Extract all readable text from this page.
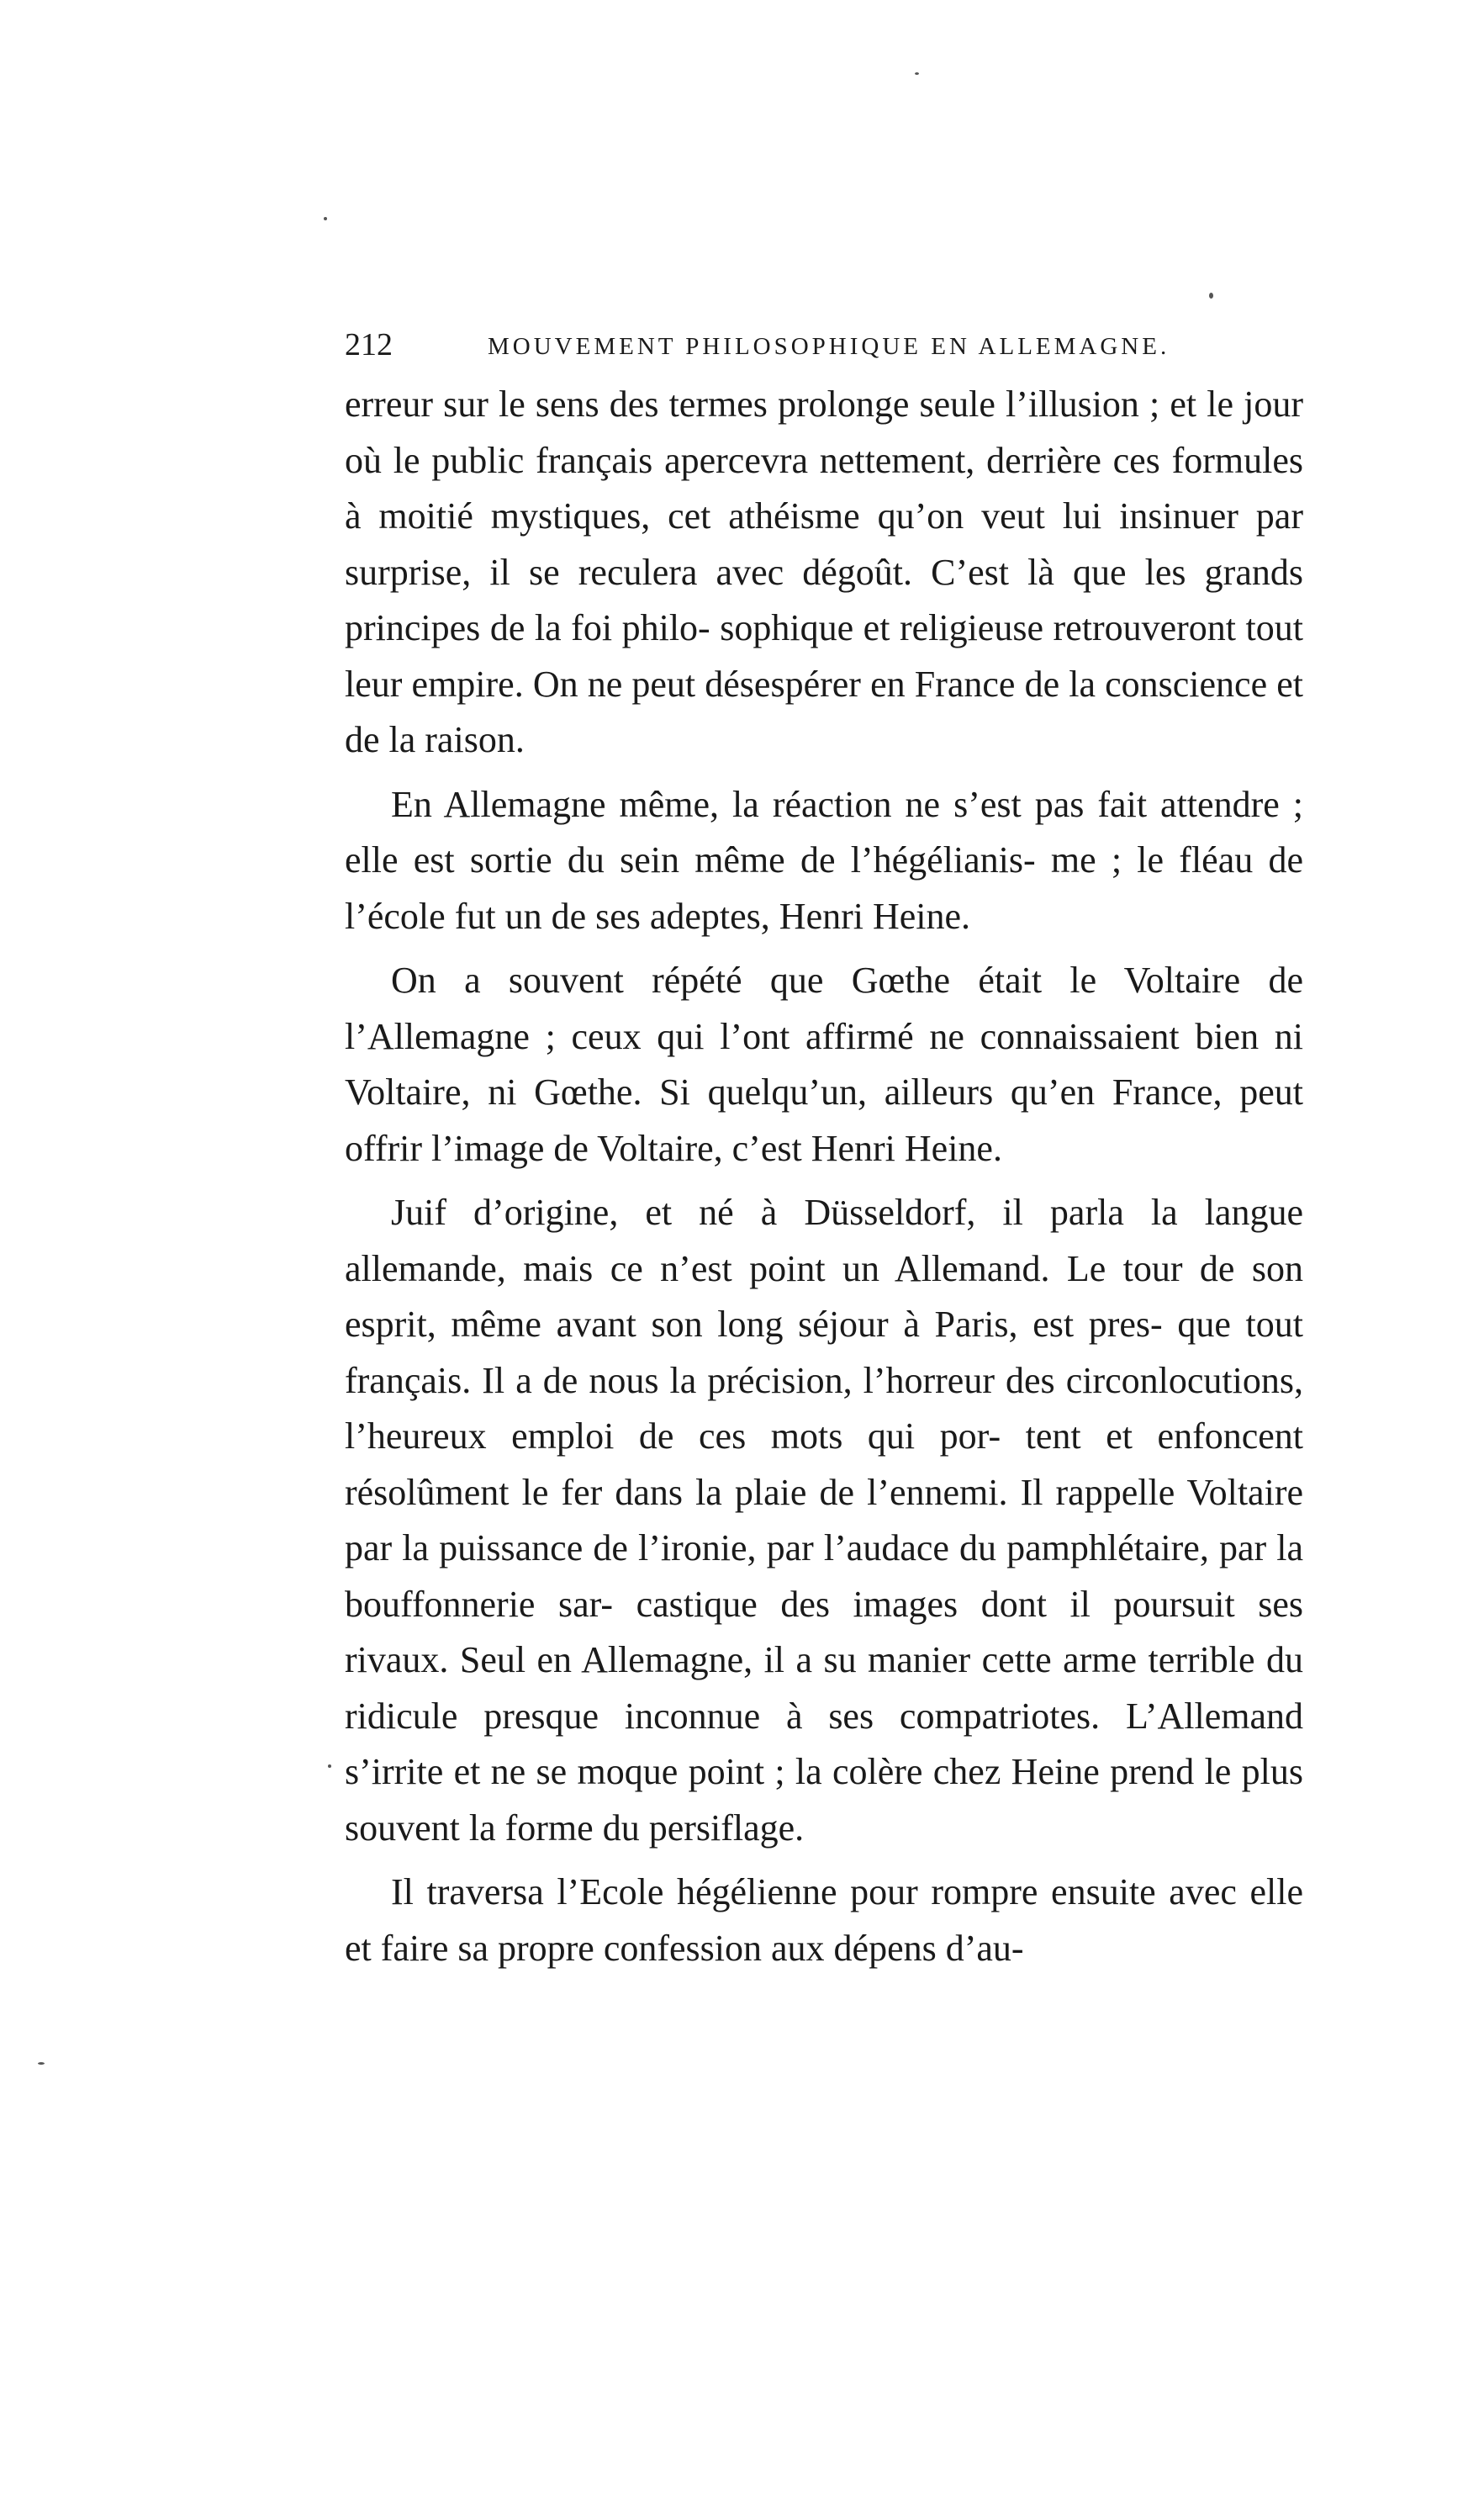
212	MOUVEMENT PHILOSOPHIQUE EN ALLEMAGNE.

erreur sur le sens des termes prolonge seule l’illusion ; et le jour où le public français apercevra nettement, derrière ces formules à moitié mystiques, cet athéisme qu’on veut lui insinuer par surprise, il se reculera avec dégoût. C’est là que les grands principes de la foi philo- sophique et religieuse retrouveront tout leur empire. On ne peut désespérer en France de la conscience et de la raison.

En Allemagne même, la réaction ne s’est pas fait attendre ; elle est sortie du sein même de l’hégélianis- me ; le fléau de l’école fut un de ses adeptes, Henri Heine.

On a souvent répété que Gœthe était le Voltaire de l’Allemagne ; ceux qui l’ont affirmé ne connaissaient bien ni Voltaire, ni Gœthe. Si quelqu’un, ailleurs qu’en France, peut offrir l’image de Voltaire, c’est Henri Heine.

Juif d’origine, et né à Düsseldorf, il parla la langue allemande, mais ce n’est point un Allemand. Le tour de son esprit, même avant son long séjour à Paris, est pres- que tout français. Il a de nous la précision, l’horreur des circonlocutions, l’heureux emploi de ces mots qui por- tent et enfoncent résolûment le fer dans la plaie de l’ennemi. Il rappelle Voltaire par la puissance de l’ironie, par l’audace du pamphlétaire, par la bouffonnerie sar- castique des images dont il poursuit ses rivaux. Seul en Allemagne, il a su manier cette arme terrible du ridicule presque inconnue à ses compatriotes. L’Allemand s’irrite et ne se moque point ; la colère chez Heine prend le plus souvent la forme du persiflage.

Il traversa l’Ecole hégélienne pour rompre ensuite avec elle et faire sa propre confession aux dépens d’au-
